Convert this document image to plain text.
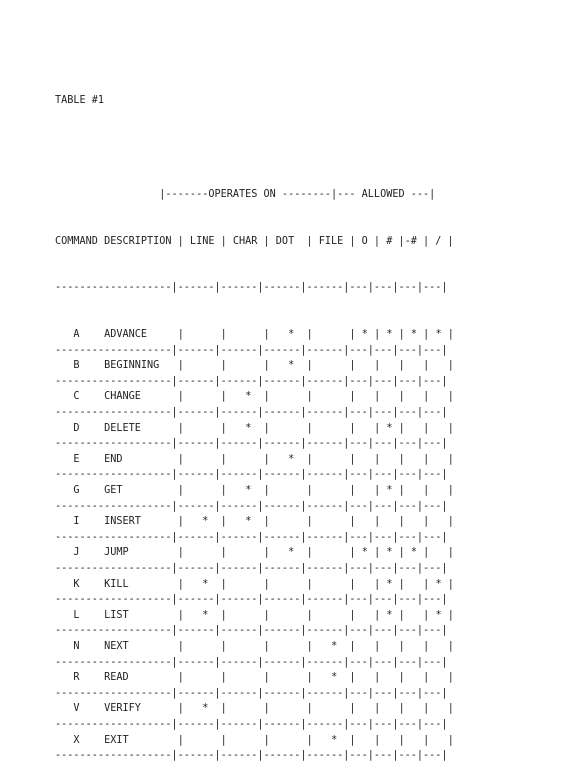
TABLE #1

|-------OPERATES ON --------|--- ALLOWED ---|

COMMAND DESCRIPTION | LINE | CHAR | DOT  | FILE | O | # |-# | / |

-------------------|------|------|------|------|---|---|---|---|

A ADVANCE     |      |      |   *  |      | * | * | * | * |
-------------------|------|------|------|------|---|---|---|---|
B BEGINNING   |      |      |   *  |      |   |   |   |   |
-------------------|------|------|------|------|---|---|---|---|
C CHANGE      |      |   *  |      |      |   |   |   |   |
-------------------|------|------|------|------|---|---|---|---|
D DELETE      |      |   *  |      |      |   | * |   |   |
-------------------|------|------|------|------|---|---|---|---|
E END         |      |      |   *  |      |   |   |   |   |
-------------------|------|------|------|------|---|---|---|---|
G GET         |      |   *  |      |      |   | * |   |   |
-------------------|------|------|------|------|---|---|---|---|
I INSERT      |   *  |   *  |      |      |   |   |   |   |
-------------------|------|------|------|------|---|---|---|---|
J JUMP        |      |      |   *  |      | * | * | * |   |
-------------------|------|------|------|------|---|---|---|---|
K KILL        |   *  |      |      |      |   | * |   | * |
-------------------|------|------|------|------|---|---|---|---|
L LIST        |   *  |      |      |      |   | * |   | * |
-------------------|------|------|------|------|---|---|---|---|
N NEXT        |      |      |      |   *  |   |   |   |   |
-------------------|------|------|------|------|---|---|---|---|
R READ        |      |      |      |   *  |   |   |   |   |
-------------------|------|------|------|------|---|---|---|---|
V VERIFY      |   *  |      |      |      |   |   |   |   |
-------------------|------|------|------|------|---|---|---|---|
X EXIT        |      |      |      |   *  |   |   |   |   |
-------------------|------|------|------|------|---|---|---|---|
